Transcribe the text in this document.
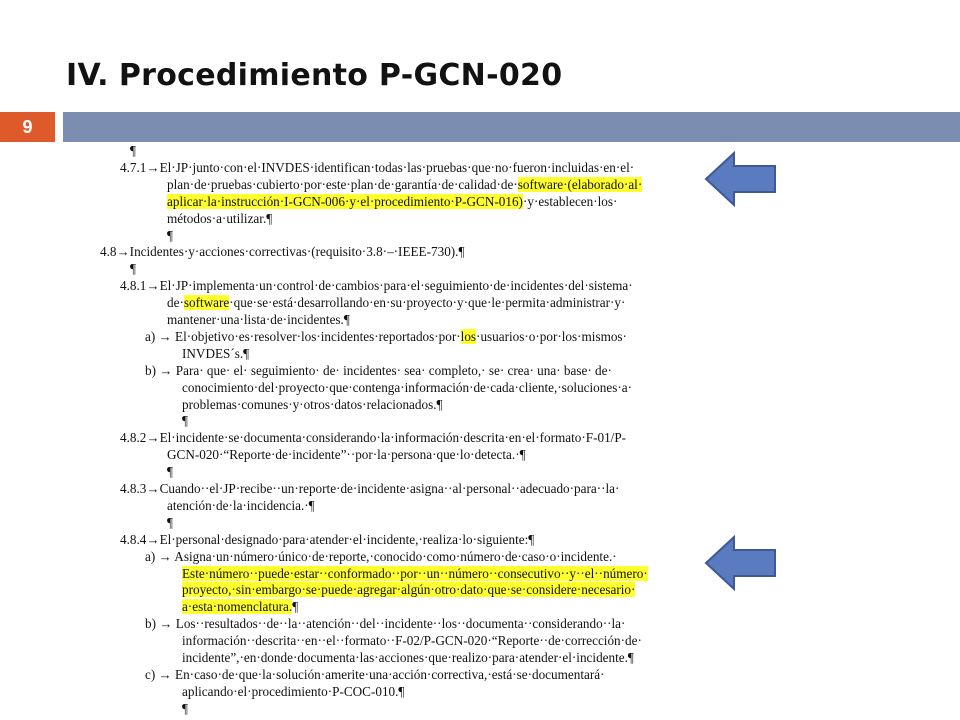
IV. Procedimiento P-GCN-020
9
¶
4.7.1→El·JP·junto·con·el·INVDES·identifican·todas·las·pruebas·que·no·fueron·incluidas·en·el·
plan·de·pruebas·cubierto·por·este·plan·de·garantía·de·calidad·de·software·(elaborado·al·
aplicar·la·instrucción·I-GCN-006·y·el·procedimiento·P-GCN-016)·y·establecen·los·
métodos·a·utilizar.¶
¶
4.8→Incidentes·y·acciones·correctivas·(requisito·3.8·–·IEEE-730).¶
¶
4.8.1→El·JP·implementa·un·control·de·cambios·para·el·seguimiento·de·incidentes·del·sistema·
de·software·que·se·está·desarrollando·en·su·proyecto·y·que·le·permita·administrar·y·
mantener·una·lista·de·incidentes.¶
a) → El·objetivo·es·resolver·los·incidentes·reportados·por·los·usuarios·o·por·los·mismos·
INVDES´s.¶
b) → Para· que· el· seguimiento· de· incidentes· sea· completo,· se· crea· una· base· de·
conocimiento·del·proyecto·que·contenga·información·de·cada·cliente,·soluciones·a·
problemas·comunes·y·otros·datos·relacionados.¶
¶
4.8.2→El·incidente·se·documenta·considerando·la·información·descrita·en·el·formato·F-01/P-
GCN-020·“Reporte·de·incidente”··por·la·persona·que·lo·detecta.·¶
¶
4.8.3→Cuando··el·JP·recibe··un·reporte·de·incidente·asigna··al·personal··adecuado·para··la·
atención·de·la·incidencia.·¶
¶
4.8.4→El·personal·designado·para·atender·el·incidente,·realiza·lo·siguiente:¶
a) → Asigna·un·número·único·de·reporte,·conocido·como·número·de·caso·o·incidente.·
Este·número··puede·estar··conformado··por··un··número··consecutivo··y··el··número·
proyecto,·sin·embargo·se·puede·agregar·algún·otro·dato·que·se·considere·necesario·
a·esta·nomenclatura.¶
b) → Los··resultados··de··la··atención··del··incidente··los··documenta··considerando··la·
información··descrita··en··el··formato··F-02/P-GCN-020·“Reporte··de·corrección·de·
incidente”,·en·donde·documenta·las·acciones·que·realizo·para·atender·el·incidente.¶
c) → En·caso·de·que·la·solución·amerite·una·acción·correctiva,·está·se·documentará·
aplicando·el·procedimiento·P-COC-010.¶
¶
